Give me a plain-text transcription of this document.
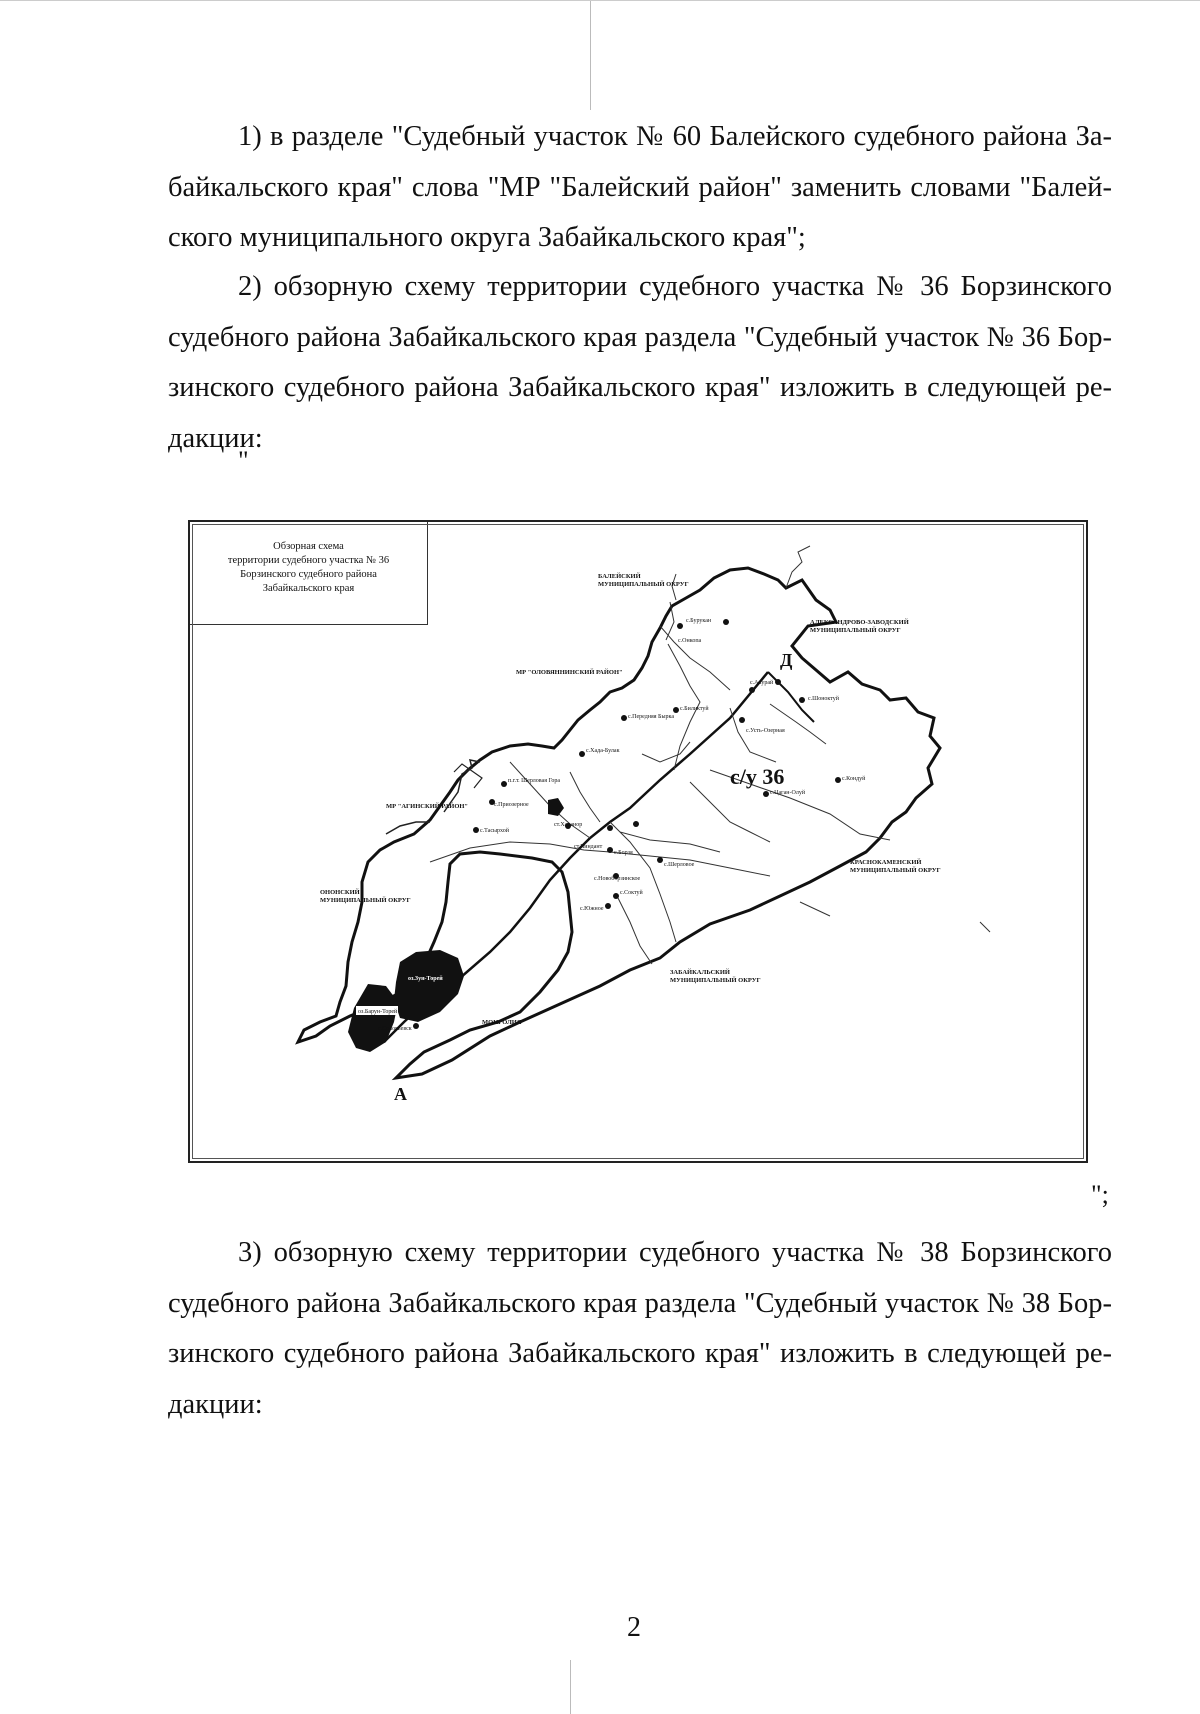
1) в разделе "Судебный участок № 60 Балейского судебного района За-
байкальского края" слова "МР "Балейский район" заменить словами "Балей-
ского муниципального округа Забайкальского края";
2) обзорную схему территории судебного участка № 36 Борзинского
судебного района Забайкальского края раздела "Судебный участок № 36 Бор-
зинского судебного района Забайкальского края" изложить в следующей ре-
дакции:
"
Обзорная схема
территории судебного участка № 36
Борзинского судебного района
Забайкальского края
БАЛЕЙСКИЙ
МУНИЦИПАЛЬНЫЙ ОКРУГ
АЛЕКСАНДРОВО-ЗАВОДСКИЙ
МУНИЦИПАЛЬНЫЙ ОКРУГ
МР "ОЛОВЯННИНСКИЙ РАЙОН"
МР "АГИНСКИЙ РАЙОН"
КРАСНОКАМЕНСКИЙ
МУНИЦИПАЛЬНЫЙ ОКРУГ
ОНОНСКИЙ
МУНИЦИПАЛЬНЫЙ ОКРУГ
ЗАБАЙКАЛЬСКИЙ
МУНИЦИПАЛЬНЫЙ ОКРУГ
МОНГОЛИЯ
с.Бурукан
с.Онкопа
с.Акурай
с.Шоноктуй
с.Усть-Озерная
с.Биликтуй
с.Передняя Бырка
с.Хада-Булак
п.г.т. Шерловая Гора	с.Кондуй
с.Цаган-Олуй
с.Приозерное
ст.Харанор
с.Тасырхой
ст.Чиндант
с.Борзя
с.Новоборзинское
с.Соктуй
с.Южное
с.Соловьевск
с.Шерловое
оз.Зун-Торей
оз.Барун-Торей
с/у 36
А
Д
";
3) обзорную схему территории судебного участка № 38 Борзинского
судебного района Забайкальского края раздела "Судебный участок № 38 Бор-
зинского судебного района Забайкальского края" изложить в следующей ре-
дакции:
2
